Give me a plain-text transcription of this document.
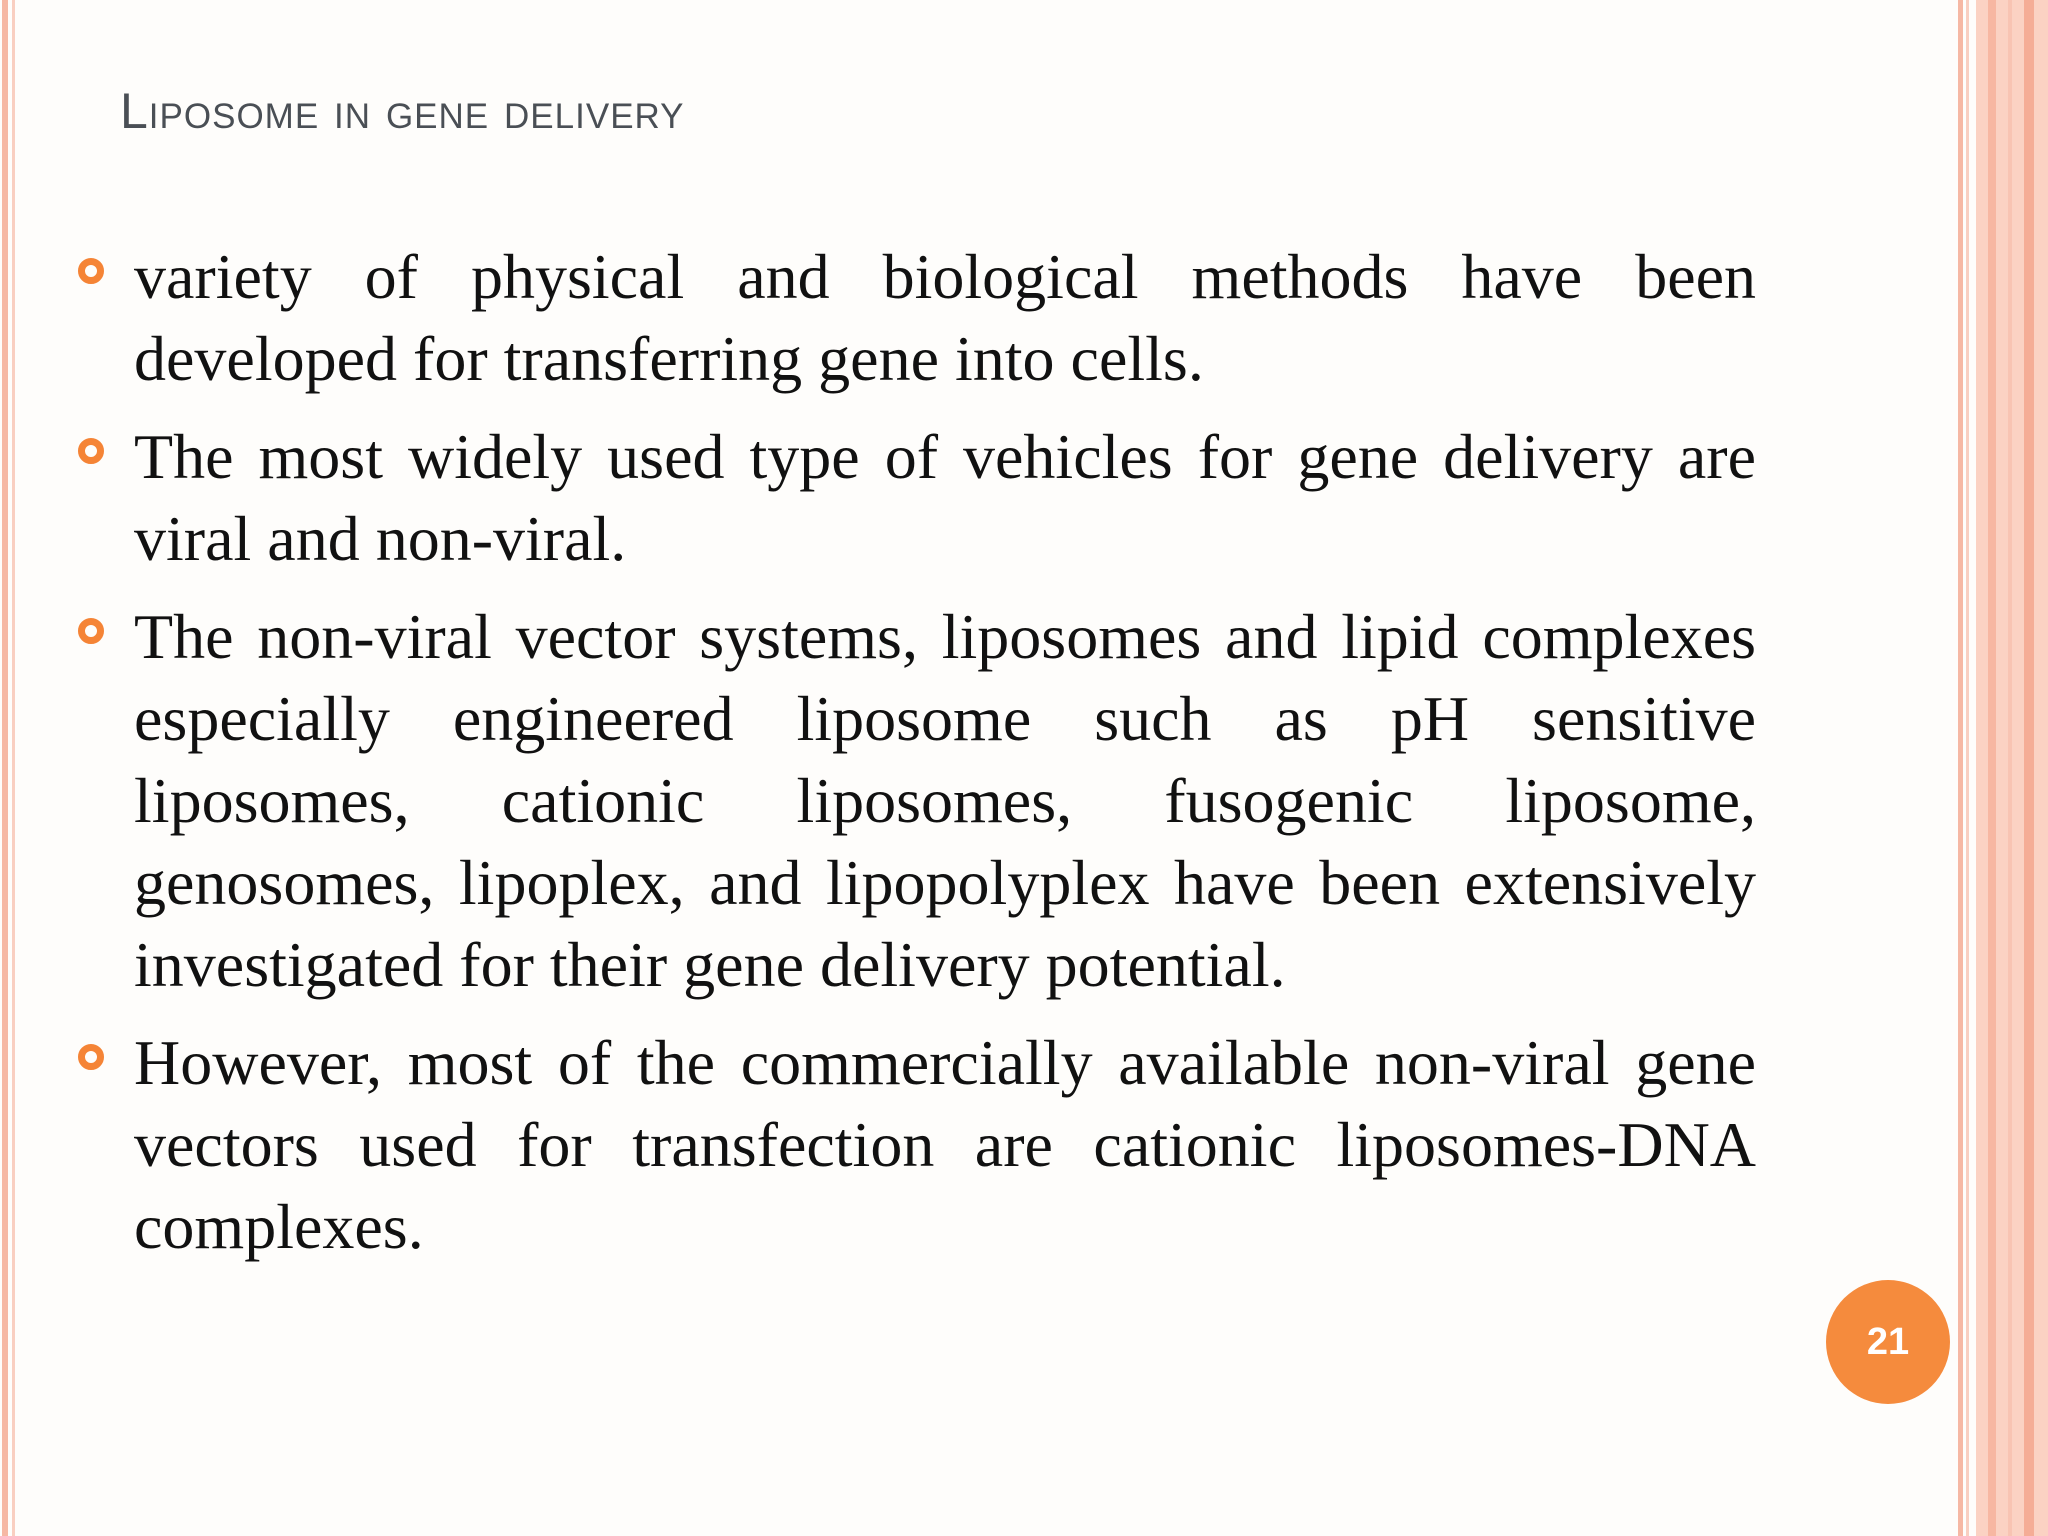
Liposome in gene delivery
variety of physical and biological methods have been developed for transferring gene into cells.
The most widely used type of vehicles for gene delivery are viral and non-viral.
The non-viral vector systems, liposomes and lipid complexes especially engineered liposome such as pH sensitive liposomes, cationic liposomes, fusogenic liposome, genosomes, lipoplex, and lipopolyplex have been extensively investigated for their gene delivery potential.
However, most of the commercially available non-viral gene vectors used for transfection are cationic liposomes-DNA complexes.
21
